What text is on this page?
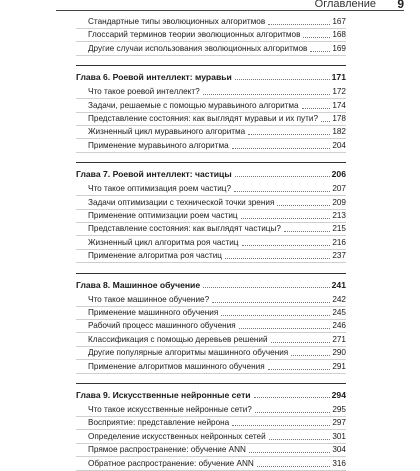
Оглавление 9
Стандартные типы эволюционных алгоритмов	167
Глоссарий терминов теории эволюционных алгоритмов	168
Другие случаи использования эволюционных алгоритмов	169
Глава 6. Роевой интеллект: муравьи	171
Что такое роевой интеллект?	172
Задачи, решаемые с помощью муравьиного алгоритма	174
Представление состояния: как выглядят муравьи и их пути? 178
Жизненный цикл муравьиного алгоритма	182
Применение муравьиного алгоритма	204
Глава 7. Роевой интеллект: частицы	206
Что такое оптимизация роем частиц?	207
Задачи оптимизации с технической точки зрения	209
Применение оптимизации роем частиц	213
Представление состояния: как выглядят частицы?	215
Жизненный цикл алгоритма роя частиц	216
Применение алгоритма роя частиц	237
Глава 8. Машинное обучение	241
Что такое машинное обучение?	242
Применение машинного обучения	245
Рабочий процесс машинного обучения	246
Классификация с помощью деревьев решений	271
Другие популярные алгоритмы машинного обучения	290
Применение алгоритмов машинного обучения	291
Глава 9. Искусственные нейронные сети	294
Что такое искусственные нейронные сети?	295
Восприятие: представление нейрона	297
Определение искусственных нейронных сетей	301
Прямое распространение: обучение ANN	304
Обратное распространение: обучение ANN	316
